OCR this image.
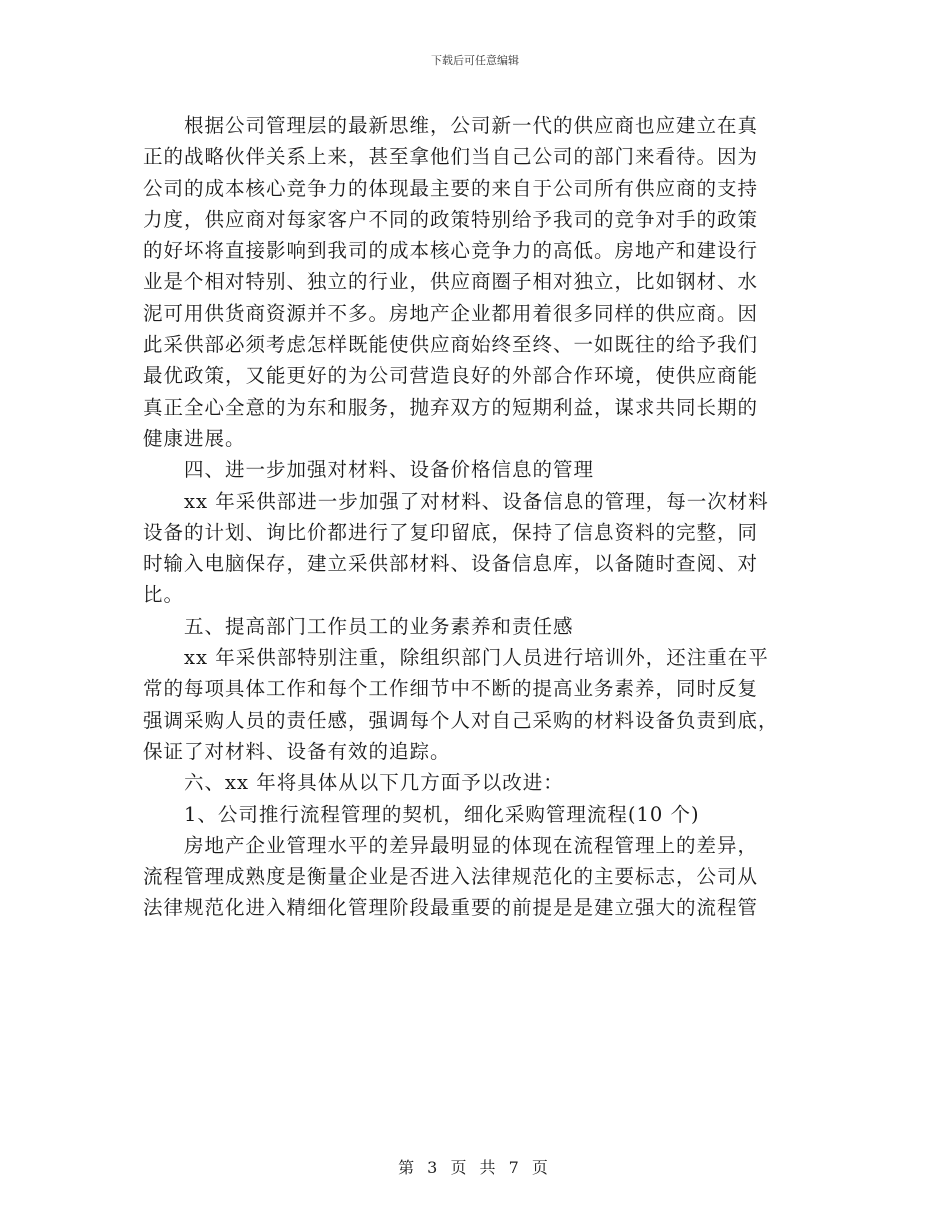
下载后可任意编辑
　　根据公司管理层的最新思维，公司新一代的供应商也应建立在真
正的战略伙伴关系上来，甚至拿他们当自己公司的部门来看待。因为
公司的成本核心竞争力的体现最主要的来自于公司所有供应商的支持
力度，供应商对每家客户不同的政策特别给予我司的竞争对手的政策
的好坏将直接影响到我司的成本核心竞争力的高低。房地产和建设行
业是个相对特别、独立的行业，供应商圈子相对独立，比如钢材、水
泥可用供货商资源并不多。房地产企业都用着很多同样的供应商。因
此采供部必须考虑怎样既能使供应商始终至终、一如既往的给予我们
最优政策，又能更好的为公司营造良好的外部合作环境，使供应商能
真正全心全意的为东和服务，抛弃双方的短期利益，谋求共同长期的
健康进展。
　　四、进一步加强对材料、设备价格信息的管理
　　xx 年采供部进一步加强了对材料、设备信息的管理，每一次材料
设备的计划、询比价都进行了复印留底，保持了信息资料的完整，同
时输入电脑保存，建立采供部材料、设备信息库，以备随时查阅、对
比。
　　五、提高部门工作员工的业务素养和责任感
　　xx 年采供部特别注重，除组织部门人员进行培训外，还注重在平
常的每项具体工作和每个工作细节中不断的提高业务素养，同时反复
强调采购人员的责任感，强调每个人对自己采购的材料设备负责到底，
保证了对材料、设备有效的追踪。
　　六、xx 年将具体从以下几方面予以改进：
　　1、公司推行流程管理的契机，细化采购管理流程(10 个)
　　房地产企业管理水平的差异最明显的体现在流程管理上的差异，
流程管理成熟度是衡量企业是否进入法律规范化的主要标志，公司从
法律规范化进入精细化管理阶段最重要的前提是是建立强大的流程管
第 3 页 共 7 页
